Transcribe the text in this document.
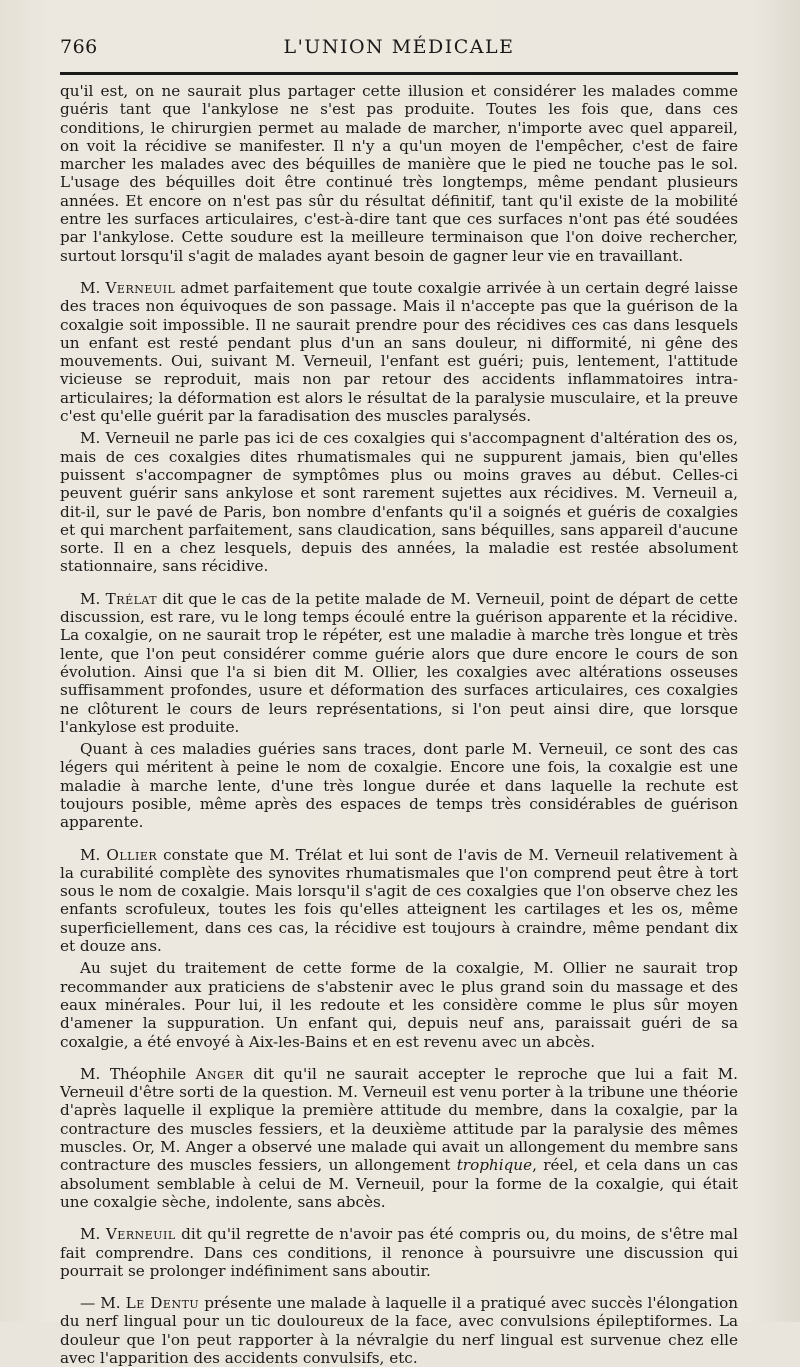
766	L'UNION MÉDICALE

qu'il est, on ne saurait plus partager cette illusion et considérer les malades comme guéris tant que l'ankylose ne s'est pas produite. Toutes les fois que, dans ces conditions, le chirurgien permet au malade de marcher, n'importe avec quel appareil, on voit la récidive se manifester. Il n'y a qu'un moyen de l'empêcher, c'est de faire marcher les malades avec des béquilles de manière que le pied ne touche pas le sol. L'usage des béquilles doit être continué très longtemps, même pendant plusieurs années. Et encore on n'est pas sûr du résultat définitif, tant qu'il existe de la mobilité entre les surfaces articulaires, c'est-à-dire tant que ces surfaces n'ont pas été soudées par l'ankylose. Cette soudure est la meilleure terminaison que l'on doive rechercher, surtout lorsqu'il s'agit de malades ayant besoin de gagner leur vie en travaillant.

M. Verneuil admet parfaitement que toute coxalgie arrivée à un certain degré laisse des traces non équivoques de son passage. Mais il n'accepte pas que la guérison de la coxalgie soit impossible. Il ne saurait prendre pour des récidives ces cas dans lesquels un enfant est resté pendant plus d'un an sans douleur, ni difformité, ni gêne des mouvements. Oui, suivant M. Verneuil, l'enfant est guéri; puis, lentement, l'attitude vicieuse se reproduit, mais non par retour des accidents inflammatoires intra-articulaires; la déformation est alors le résultat de la paralysie musculaire, et la preuve c'est qu'elle guérit par la faradisation des muscles paralysés.

M. Verneuil ne parle pas ici de ces coxalgies qui s'accompagnent d'altération des os, mais de ces coxalgies dites rhumatismales qui ne suppurent jamais, bien qu'elles puissent s'accompagner de symptômes plus ou moins graves au début. Celles-ci peuvent guérir sans ankylose et sont rarement sujettes aux récidives. M. Verneuil a, dit-il, sur le pavé de Paris, bon nombre d'enfants qu'il a soignés et guéris de coxalgies et qui marchent parfaitement, sans claudication, sans béquilles, sans appareil d'aucune sorte. Il en a chez lesquels, depuis des années, la maladie est restée absolument stationnaire, sans récidive.

M. Trélat dit que le cas de la petite malade de M. Verneuil, point de départ de cette discussion, est rare, vu le long temps écoulé entre la guérison apparente et la récidive. La coxalgie, on ne saurait trop le répéter, est une maladie à marche très longue et très lente, que l'on peut considérer comme guérie alors que dure encore le cours de son évolution. Ainsi que l'a si bien dit M. Ollier, les coxalgies avec altérations osseuses suffisamment profondes, usure et déformation des surfaces articulaires, ces coxalgies ne clôturent le cours de leurs représentations, si l'on peut ainsi dire, que lorsque l'ankylose est produite.

Quant à ces maladies guéries sans traces, dont parle M. Verneuil, ce sont des cas légers qui méritent à peine le nom de coxalgie. Encore une fois, la coxalgie est une maladie à marche lente, d'une très longue durée et dans laquelle la rechute est toujours posible, même après des espaces de temps très considérables de guérison apparente.

M. Ollier constate que M. Trélat et lui sont de l'avis de M. Verneuil relativement à la curabilité complète des synovites rhumatismales que l'on comprend peut être à tort sous le nom de coxalgie. Mais lorsqu'il s'agit de ces coxalgies que l'on observe chez les enfants scrofuleux, toutes les fois qu'elles atteignent les cartilages et les os, même superficiellement, dans ces cas, la récidive est toujours à craindre, même pendant dix et douze ans.

Au sujet du traitement de cette forme de la coxalgie, M. Ollier ne saurait trop recommander aux praticiens de s'abstenir avec le plus grand soin du massage et des eaux minérales. Pour lui, il les redoute et les considère comme le plus sûr moyen d'amener la suppuration. Un enfant qui, depuis neuf ans, paraissait guéri de sa coxalgie, a été envoyé à Aix-les-Bains et en est revenu avec un abcès.

M. Théophile Anger dit qu'il ne saurait accepter le reproche que lui a fait M. Verneuil d'être sorti de la question. M. Verneuil est venu porter à la tribune une théorie d'après laquelle il explique la première attitude du membre, dans la coxalgie, par la contracture des muscles fessiers, et la deuxième attitude par la paralysie des mêmes muscles. Or, M. Anger a observé une malade qui avait un allongement du membre sans contracture des muscles fessiers, un allongement trophique, réel, et cela dans un cas absolument semblable à celui de M. Verneuil, pour la forme de la coxalgie, qui était une coxalgie sèche, indolente, sans abcès.

M. Verneuil dit qu'il regrette de n'avoir pas été compris ou, du moins, de s'être mal fait comprendre. Dans ces conditions, il renonce à poursuivre une discussion qui pourrait se prolonger indéfiniment sans aboutir.

— M. Le Dentu présente une malade à laquelle il a pratiqué avec succès l'élongation du nerf lingual pour un tic douloureux de la face, avec convulsions épileptiformes. La douleur que l'on peut rapporter à la névralgie du nerf lingual est survenue chez elle avec l'apparition des accidents convulsifs, etc.
